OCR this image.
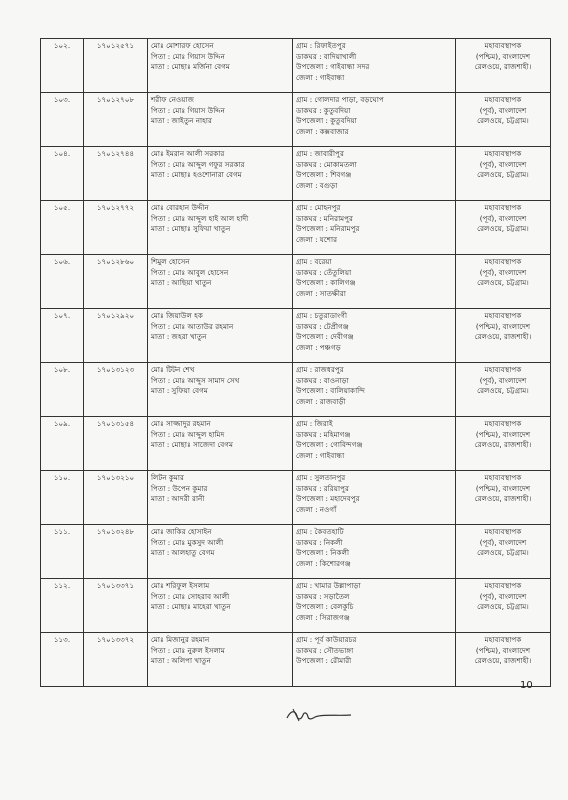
১০২.	১৭০১২৫৭১	মোঃ মোশারফ হোসেন
পিতা : মোঃ গিয়াস উদ্দিন
মাতা : মোছাঃ মর্জিনা বেগম	গ্রাম : রিফাইতপুর
ডাকঘর : বাদিয়াখালী
উপজেলা : গাইবান্ধা সদর
জেলা : গাইবান্ধা	মহাব্যবস্থাপক
(পশ্চিম), বাংলাদেশ
রেলওয়ে, রাজশাহী।

১০৩.	১৭০১২৭০৮	শরীফ নেওয়াজ
পিতা : মোঃ গিয়াস উদ্দিন
মাতা : জাইতুন নাহার	গ্রাম : গোলদার পাড়া, বড়ঘোপ
ডাকঘর : কুতুবদিয়া
উপজেলা : কুতুবদিয়া
জেলা : কক্সবাজার	মহাব্যবস্থাপক
(পূর্ব), বাংলাদেশ
রেলওয়ে, চট্টগ্রাম।

১০৪.	১৭০১২৭৪৪	মোঃ ইমরান আলী সরকার
পিতা : মোঃ আব্দুল গফুর সরকার
মাতা : মোছাঃ হওশোনারা বেগম	গ্রাম : জাবারীপুর
ডাকঘর : মোকামতলা
উপজেলা : শিবগঞ্জ
জেলা : বগুড়া	মহাব্যবস্থাপক
(পূর্ব), বাংলাদেশ
রেলওয়ে, চট্টগ্রাম।

১০৫.	১৭০১২৭৭২	মোঃ বোরহান উদ্দীন
পিতা : মোঃ আব্দুল হাই আল হাদী
মাতা : মোছাঃ সুফিয়া খাতুন	গ্রাম : মোহনপুর
ডাকঘর : মনিরামপুর
উপজেলা : মনিরামপুর
জেলা : যশোর	মহাব্যবস্থাপক
(পূর্ব), বাংলাদেশ
রেলওয়ে, চট্টগ্রাম।

১০৬.	১৭০১২৮৬০	শিমুল হোসেন
পিতা : মোঃ আবুল হোসেন
মাতা : আছিয়া খাতুন	গ্রাম : বরেয়া
ডাকঘর : তেঁতুলিয়া
উপজেলা : কালিগঞ্জ
জেলা : সাতক্ষীরা	মহাব্যবস্থাপক
(পূর্ব), বাংলাদেশ
রেলওয়ে, চট্টগ্রাম।

১০৭.	১৭০১২৯২০	মোঃ জিয়াউল হক
পিতা : মোঃ আতাউর রহমান
মাতা : জহরা খাতুন	গ্রাম : চতুরাডাংগী
ডাকঘর : টেপ্রীগঞ্জ
উপজেলা : দেবীগঞ্জ
জেলা : পঞ্চগড়	মহাব্যবস্থাপক
(পশ্চিম), বাংলাদেশ
রেলওয়ে, রাজশাহী।

১০৮.	১৭০১৩১২৩	মোঃ টিটন শেখ
পিতা : মোঃ আব্দুস সামাদ সেখ
মাতা : সুফিয়া বেগম	গ্রাম : রাজধরপুর
ডাকঘর : বাওনাড়া
উপজেলা : বালিয়াকান্দি
জেলা : রাজবাড়ী	মহাব্যবস্থাপক
(পূর্ব), বাংলাদেশ
রেলওয়ে, চট্টগ্রাম।

১০৯.	১৭০১৩১৫৪	মোঃ সাজ্জাদুর রহমান
পিতা : মোঃ আব্দুল হামিদ
মাতা : মোছাঃ সাজেদা বেগম	গ্রাম : জিরাই
ডাকঘর : মহিমাগঞ্জ
উপজেলা : গোবিন্দগঞ্জ
জেলা : গাইবান্ধা	মহাব্যবস্থাপক
(পশ্চিম), বাংলাদেশ
রেলওয়ে, রাজশাহী।

১১০.	১৭০১৩২১০	লিটন কুমার
পিতা : উপেন কুমার
মাতা : আদরী রানী	গ্রাম : সুলতানপুর
ডাকঘর : ররিয়াপুর
উপজেলা : মহাদেবপুর
জেলা : নওগাঁ	মহাব্যবস্থাপক
(পশ্চিম), বাংলাদেশ
রেলওয়ে, রাজশাহী।

১১১.	১৭০১৩২৪৮	মোঃ জাকির হোসাইন
পিতা : মোঃ মুকসুদ আলী
মাতা : আলহাতু বেগম	গ্রাম : কৈবতহাটি
ডাকঘর : নিকলী
উপজেলা : নিকলী
জেলা : কিশোরগঞ্জ	মহাব্যবস্থাপক
(পূর্ব), বাংলাদেশ
রেলওয়ে, চট্টগ্রাম।

১১২.	১৭০১৩৩৭১	মোঃ শরিফুল ইসলাম
পিতা : মোঃ সোহরাব আলী
মাতা : মোছাঃ মাহেরা খাতুন	গ্রাম : খামার উল্লাপাড়া
ডাকঘর : সড়াতৈল
উপজেলা : বেলকুচি
জেলা : সিরাজগঞ্জ	মহাব্যবস্থাপক
(পূর্ব), বাংলাদেশ
রেলওয়ে, চট্টগ্রাম।

১১৩.	১৭০১৩৩৭২	মোঃ মিজানুর রহমান
পিতা : মোঃ নুরুল ইসলাম
মাতা : অলিপা খাতুন	গ্রাম : পূর্ব কাউয়ারচর
ডাকঘর : সৌতভাঙ্গা
উপজেলা : রৌমারী	মহাব্যবস্থাপক
(পশ্চিম), বাংলাদেশ
রেলওয়ে, রাজশাহী।
10
